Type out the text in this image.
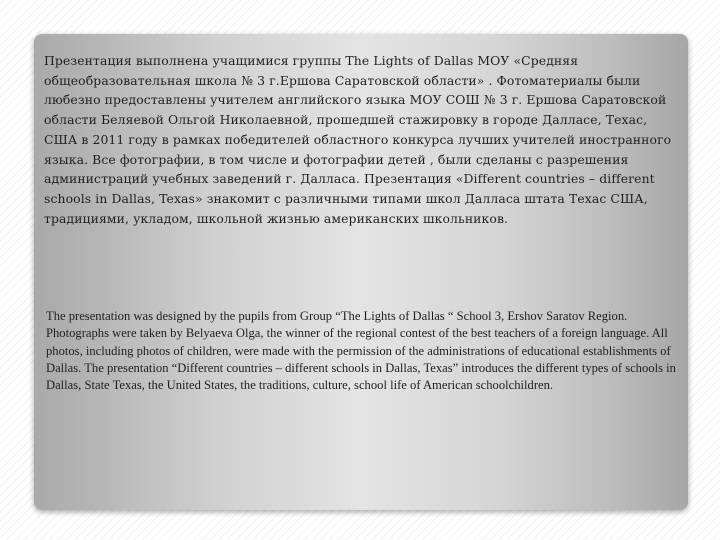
Презентация выполнена учащимися группы The Lights of Dallas МОУ «Средняя общеобразовательная школа № 3 г.Ершова Саратовской области» . Фотоматериалы были любезно предоставлены учителем английского языка МОУ СОШ № 3 г. Ершова Саратовской области Беляевой Ольгой Николаевной, прошедшей стажировку в городе Далласе, Техас, США в 2011 году в рамках победителей областного конкурса лучших учителей иностранного языка. Все фотографии, в том числе и фотографии детей , были сделаны с разрешения администраций учебных заведений г. Далласа. Презентация «Different countries – different schools in Dallas, Texas» знакомит с различными типами школ Далласа штата Техас США, традициями, укладом, школьной жизнью американских школьников.

The presentation was designed by the pupils from Group “The Lights of Dallas “ School 3, Ershov Saratov Region.

Photographs were taken by Belyaeva Olga, the winner of the regional contest of the best teachers of a foreign language. All photos, including photos of children, were made with the permission of the administrations of educational establishments of Dallas. The presentation “Different countries – different schools in Dallas, Texas” introduces the different types of schools in Dallas, State Texas, the United States, the traditions, culture, school life of American schoolchildren.
